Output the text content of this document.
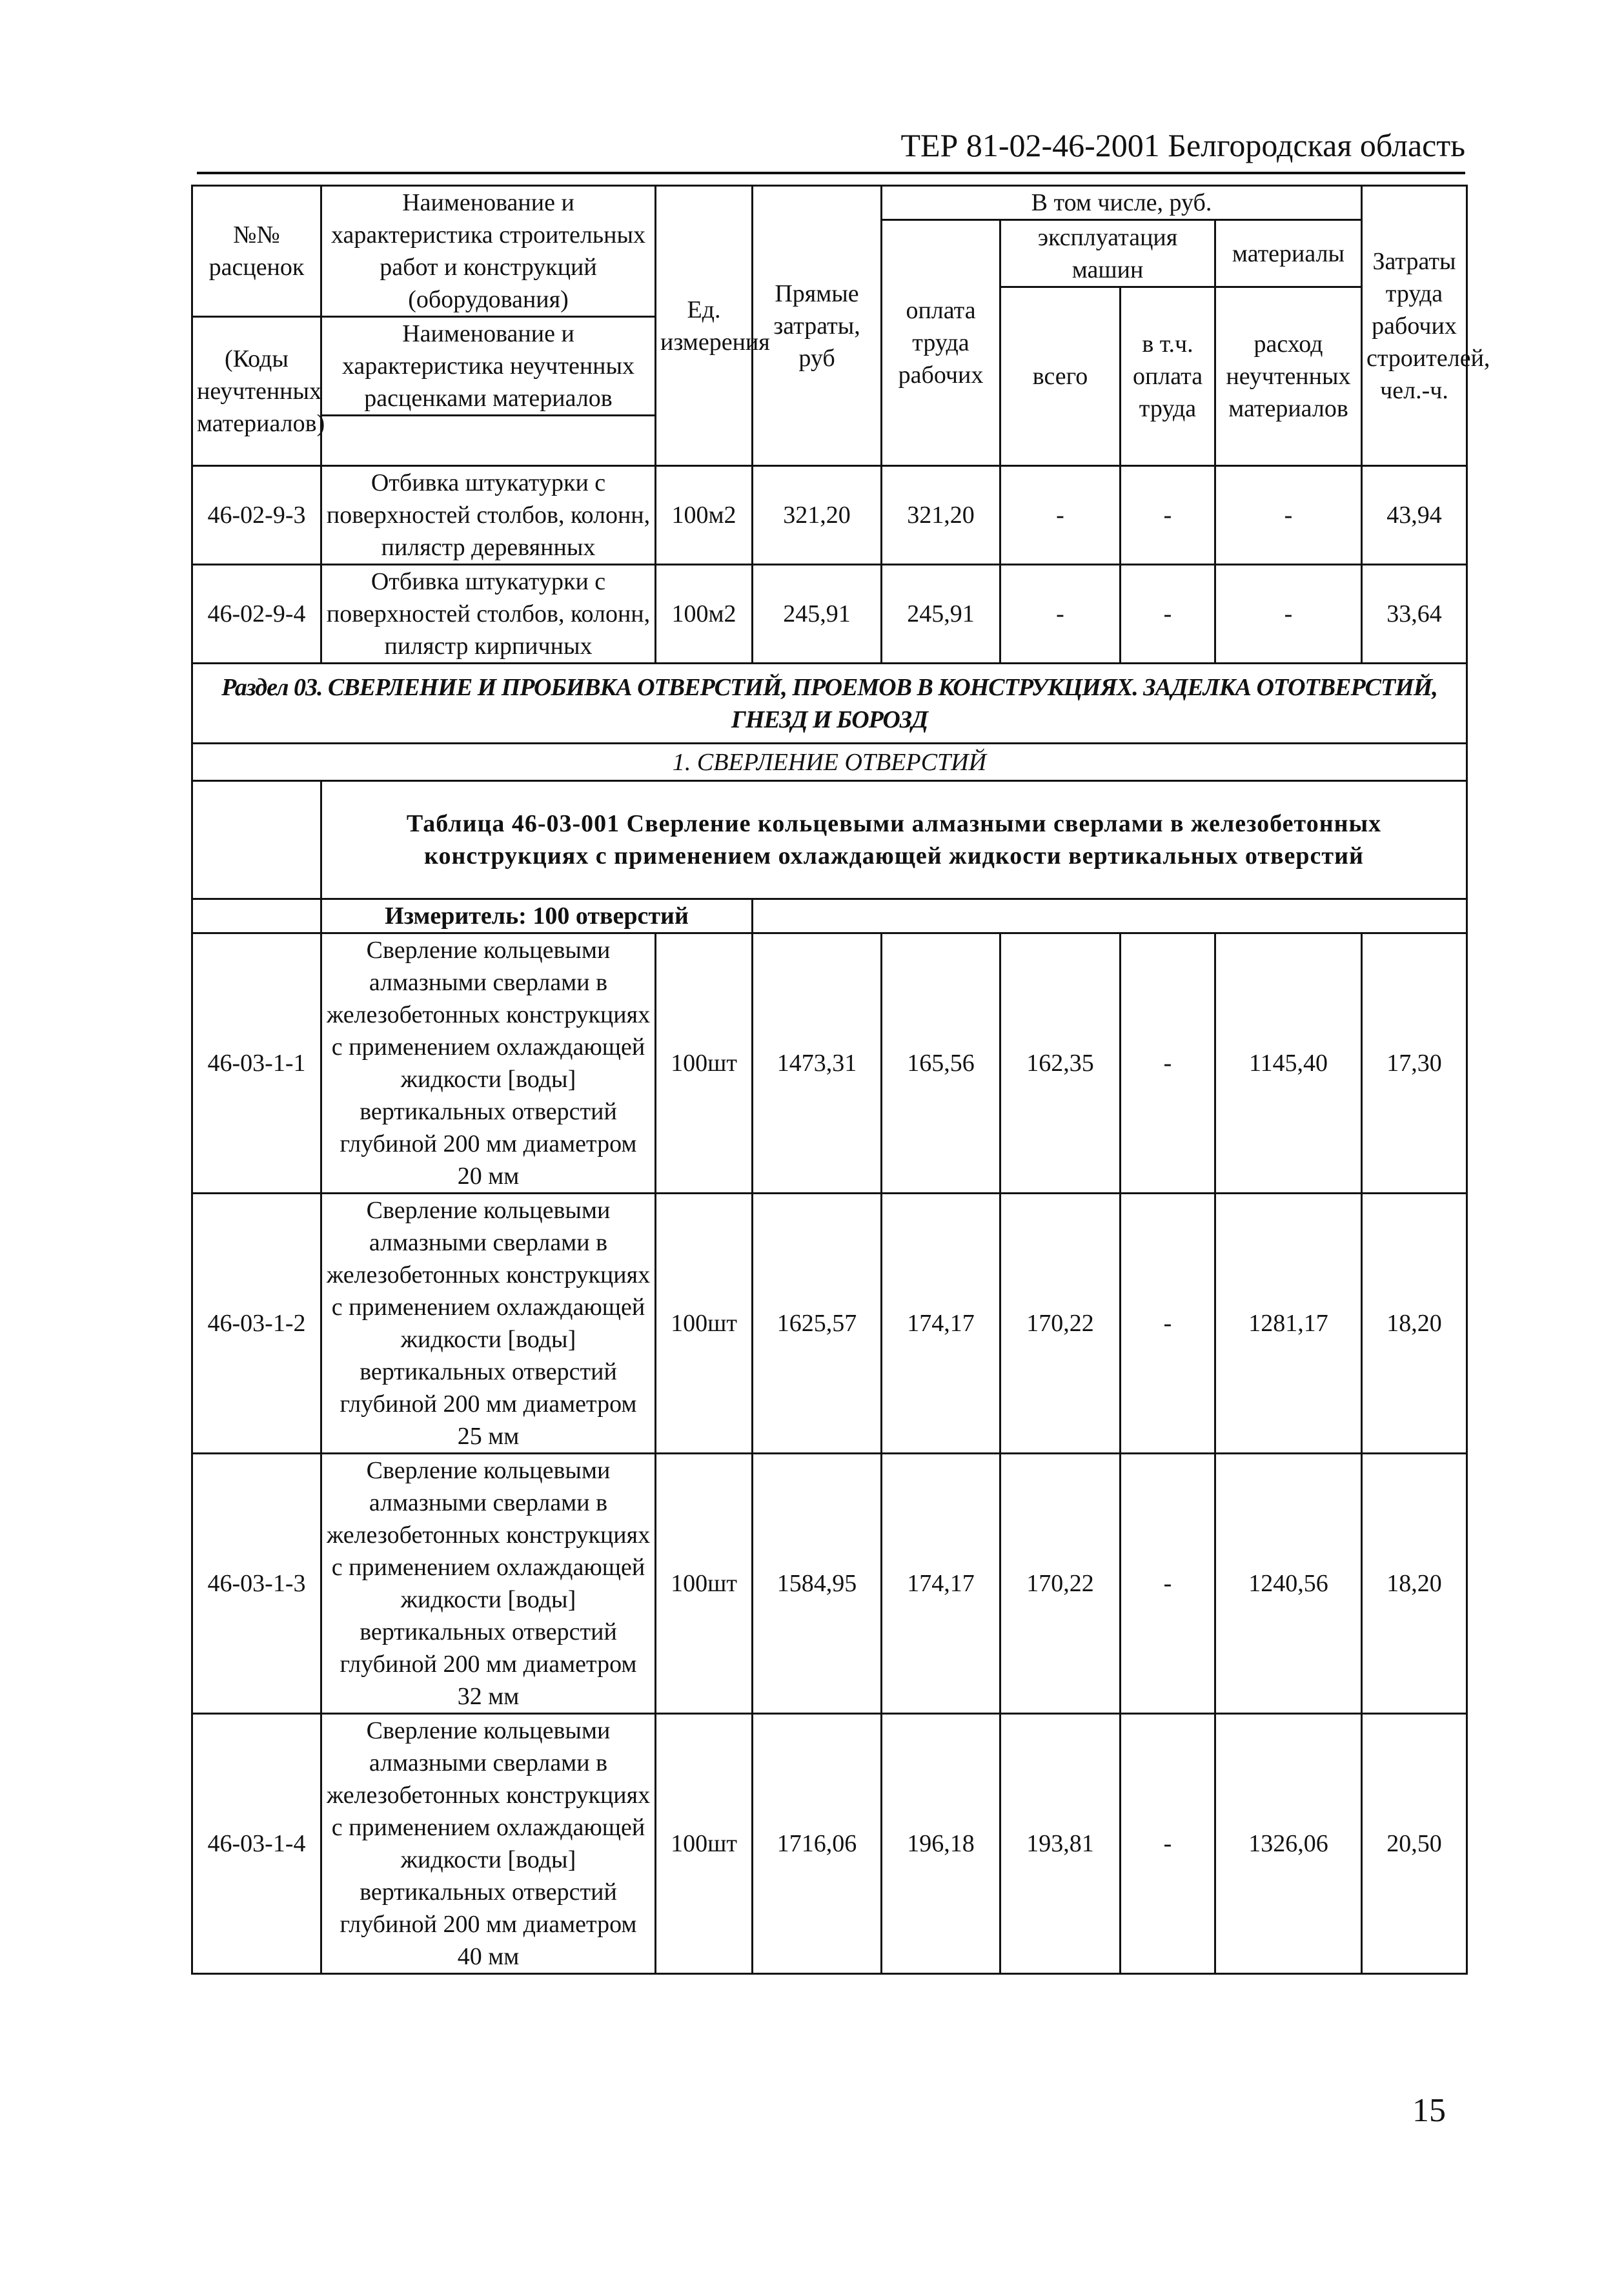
ТЕР 81-02-46-2001 Белгородская область
№№ расценок	Наименование и характеристика строительных работ и конструкций (оборудования)	Ед. измерения	Прямые затраты, руб	В том числе, руб.				Затраты труда рабочих строителей, чел.-ч.
				оплата труда рабочих	эксплуатация машин		материалы	
					всего	в т.ч. оплата труда	расход неучтенных материалов	
(Коды неучтенных материалов)	Наименование и характеристика неучтенных расценками материалов							

46-02-9-3	Отбивка штукатурки с поверхностей столбов, колонн, пилястр деревянных	100м2	321,20	321,20	-	-	-	43,94
46-02-9-4	Отбивка штукатурки с поверхностей столбов, колонн, пилястр кирпичных	100м2	245,91	245,91	-	-	-	33,64
Раздел 03. СВЕРЛЕНИЕ И ПРОБИВКА ОТВЕРСТИЙ, ПРОЕМОВ В КОНСТРУКЦИЯХ. ЗАДЕЛКА ОТОТВЕРСТИЙ, ГНЕЗД И БОРОЗД								
1. СВЕРЛЕНИЕ ОТВЕРСТИЙ								
	Таблица 46-03-001 Сверление кольцевыми алмазными сверлами в железобетонных конструкциях с применением охлаждающей жидкости вертикальных отверстий							
	Измеритель: 100 отверстий							
46-03-1-1	Сверление кольцевыми алмазными сверлами в железобетонных конструкциях с применением охлаждающей жидкости [воды] вертикальных отверстий глубиной 200 мм диаметром 20 мм	100шт	1473,31	165,56	162,35	-	1145,40	17,30
46-03-1-2	Сверление кольцевыми алмазными сверлами в железобетонных конструкциях с применением охлаждающей жидкости [воды] вертикальных отверстий глубиной 200 мм диаметром 25 мм	100шт	1625,57	174,17	170,22	-	1281,17	18,20
46-03-1-3	Сверление кольцевыми алмазными сверлами в железобетонных конструкциях с применением охлаждающей жидкости [воды] вертикальных отверстий глубиной 200 мм диаметром 32 мм	100шт	1584,95	174,17	170,22	-	1240,56	18,20
46-03-1-4	Сверление кольцевыми алмазными сверлами в железобетонных конструкциях с применением охлаждающей жидкости [воды] вертикальных отверстий глубиной 200 мм диаметром 40 мм	100шт	1716,06	196,18	193,81	-	1326,06	20,50
15
